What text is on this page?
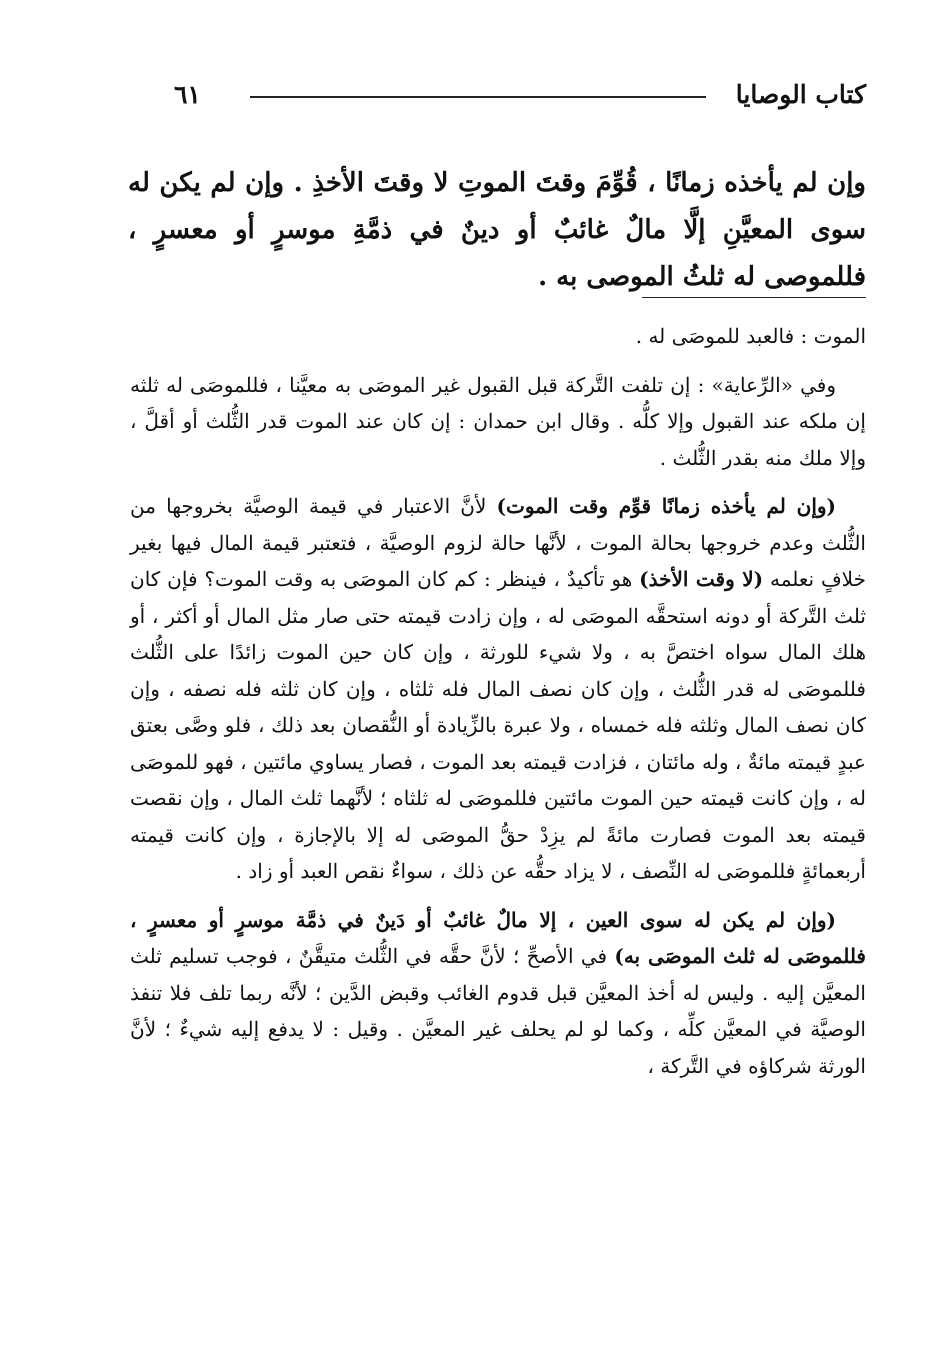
كتاب الوصايا
٦١
وإن لم يأخذه زمانًا ، قُوِّمَ وقتَ الموتِ لا وقتَ الأخذِ . وإن لم يكن له سوى المعيَّنِ إلَّا مالٌ غائبٌ أو دينٌ في ذمَّةِ موسرٍ أو معسرٍ ، فللموصى له ثلثُ الموصى به .

الموت : فالعبد للموصَى له .

وفي «الرِّعاية» : إن تلفت التَّركة قبل القبول غير الموصَى به معيَّنا ، فللموصَى له ثلثه إن ملكه عند القبول وإلا كلُّه . وقال ابن حمدان : إن كان عند الموت قدر الثُّلث أو أقلَّ ، وإلا ملك منه بقدر الثُّلث .

(وإن لم يأخذه زمانًا قوِّم وقت الموت) لأنَّ الاعتبار في قيمة الوصيَّة بخروجها من الثُّلث وعدم خروجها بحالة الموت ، لأنَّها حالة لزوم الوصيَّة ، فتعتبر قيمة المال فيها بغير خلافٍ نعلمه (لا وقت الأخذ) هو تأكيدٌ ، فينظر : كم كان الموصَى به وقت الموت؟ فإن كان ثلث التَّركة أو دونه استحقَّه الموصَى له ، وإن زادت قيمته حتى صار مثل المال أو أكثر ، أو هلك المال سواه اختصَّ به ، ولا شيء للورثة ، وإن كان حين الموت زائدًا على الثُّلث فللموصَى له قدر الثُّلث ، وإن كان نصف المال فله ثلثاه ، وإن كان ثلثه فله نصفه ، وإن كان نصف المال وثلثه فله خمساه ، ولا عبرة بالزِّيادة أو النُّقصان بعد ذلك ، فلو وصَّى بعتق عبدٍ قيمته مائةٌ ، وله مائتان ، فزادت قيمته بعد الموت ، فصار يساوي مائتين ، فهو للموصَى له ، وإن كانت قيمته حين الموت مائتين فللموصَى له ثلثاه ؛ لأنَّهما ثلث المال ، وإن نقصت قيمته بعد الموت فصارت مائةً لم يزِدْ حقُّ الموصَى له إلا بالإجازة ، وإن كانت قيمته أربعمائةٍ فللموصَى له النِّصف ، لا يزاد حقُّه عن ذلك ، سواءٌ نقص العبد أو زاد .

(وإن لم يكن له سوى العين ، إلا مالٌ غائبٌ أو دَينٌ في ذمَّة موسرٍ أو معسرٍ ، فللموصَى له ثلث الموصَى به) في الأصحِّ ؛ لأنَّ حقَّه في الثُّلث متيقَّنٌ ، فوجب تسليم ثلث المعيَّن إليه . وليس له أخذ المعيَّن قبل قدوم الغائب وقبض الدَّين ؛ لأنَّه ربما تلف فلا تنفذ الوصيَّة في المعيَّن كلِّه ، وكما لو لم يحلف غير المعيَّن . وقيل : لا يدفع إليه شيءٌ ؛ لأنَّ الورثة شركاؤه في التَّركة ،
